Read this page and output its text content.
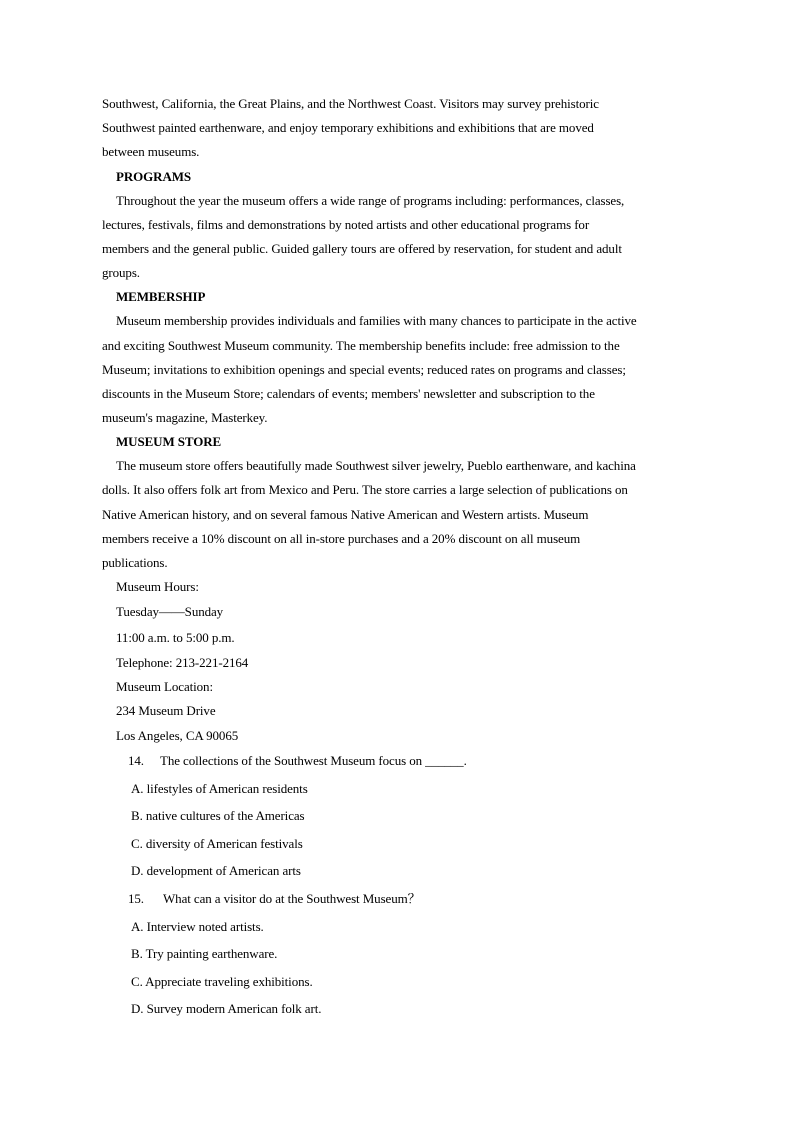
Southwest, California, the Great Plains, and the Northwest Coast. Visitors may survey prehistoric
Southwest painted earthenware, and enjoy temporary exhibitions and exhibitions that are moved
between museums.
PROGRAMS
Throughout the year the museum offers a wide range of programs including: performances, classes,
lectures, festivals, films and demonstrations by noted artists and other educational programs for
members and the general public. Guided gallery tours are offered by reservation, for student and adult
groups.
MEMBERSHIP
Museum membership provides individuals and families with many chances to participate in the active
and exciting Southwest Museum community. The membership benefits include: free admission to the
Museum; invitations to exhibition openings and special events; reduced rates on programs and classes;
discounts in the Museum Store; calendars of events; members' newsletter and subscription to the
museum's magazine, Masterkey.
MUSEUM STORE
The museum store offers beautifully made Southwest silver jewelry, Pueblo earthenware, and kachina
dolls. It also offers folk art from Mexico and Peru. The store carries a large selection of publications on
Native American history, and on several famous Native American and Western artists. Museum
members receive a 10% discount on all in-store purchases and a 20% discount on all museum
publications.
Museum Hours:
Tuesday——Sunday
11:00 a.m. to 5:00 p.m.
Telephone: 213-221-2164
Museum Location:
234 Museum Drive
Los Angeles, CA 90065
14. The collections of the Southwest Museum focus on ______.
A. lifestyles of American residents
B. native cultures of the Americas
C. diversity of American festivals
D. development of American arts
15. What can a visitor do at the Southwest Museum？
A. Interview noted artists.
B. Try painting earthenware.
C. Appreciate traveling exhibitions.
D. Survey modern American folk art.
